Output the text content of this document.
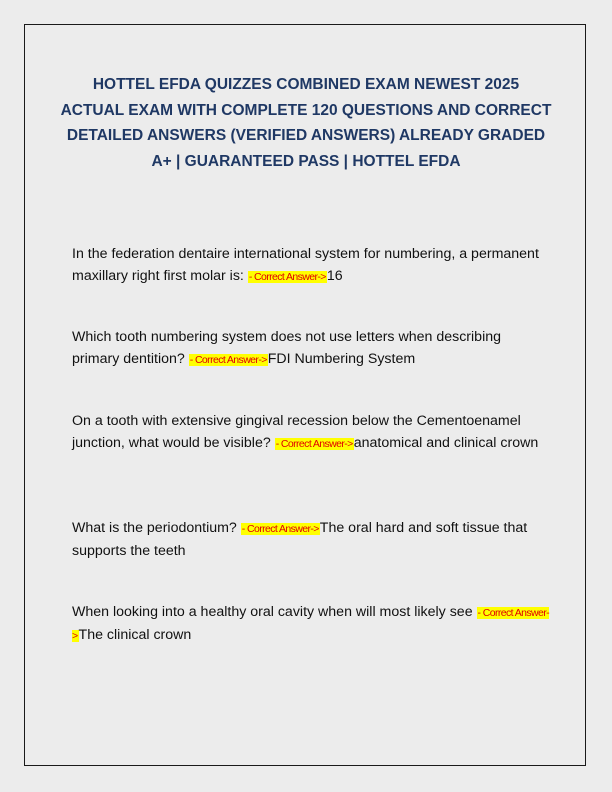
HOTTEL EFDA QUIZZES COMBINED EXAM NEWEST 2025 ACTUAL EXAM WITH COMPLETE 120 QUESTIONS AND CORRECT DETAILED ANSWERS (VERIFIED ANSWERS) ALREADY GRADED A+ | GUARANTEED PASS | HOTTEL EFDA

In the federation dentaire international system for numbering, a permanent maxillary right first molar is: - Correct Answer->16

Which tooth numbering system does not use letters when describing primary dentition? - Correct Answer->FDI Numbering System

On a tooth with extensive gingival recession below the Cementoenamel junction, what would be visible? - Correct Answer->anatomical and clinical crown

What is the periodontium? - Correct Answer->The oral hard and soft tissue that supports the teeth

When looking into a healthy oral cavity when will most likely see - Correct Answer->The clinical crown
